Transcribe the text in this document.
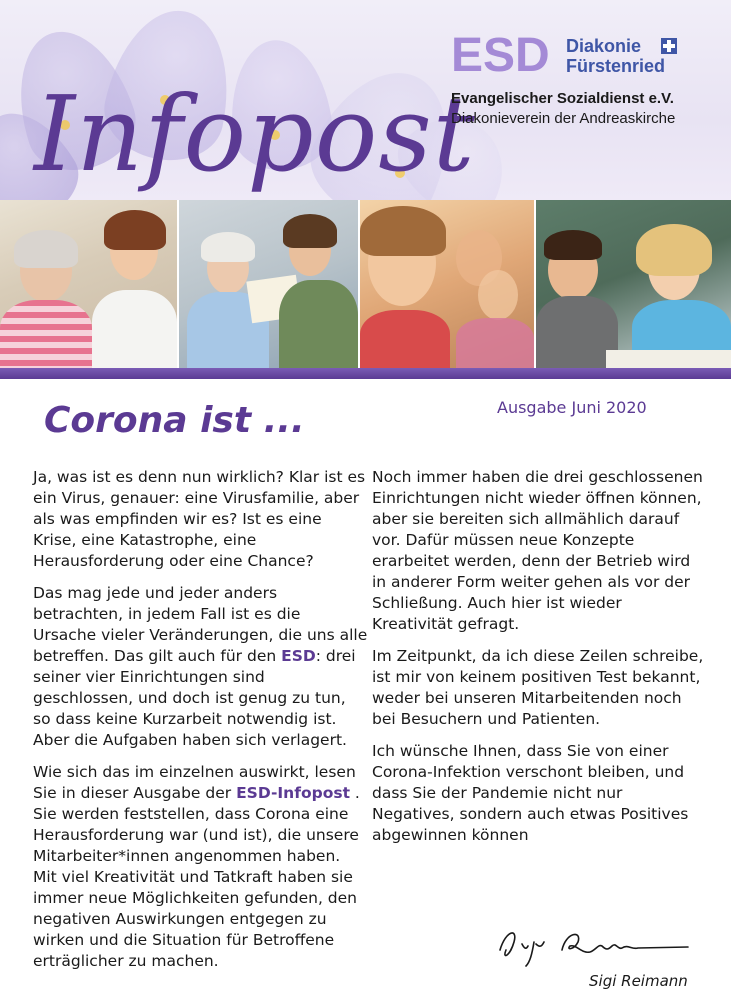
Infopost
ESD Diakonie
Fürstenried
Evangelischer Sozialdienst e.V.
Diakonieverein der Andreaskirche
Corona ist ...	Ausgabe Juni 2020

Ja, was ist es denn nun wirklich? Klar ist es ein Virus, genauer: eine Virusfamilie, aber als was empfinden wir es? Ist es eine Krise, eine Katastrophe, eine Herausforderung oder eine Chance?

Das mag jede und jeder anders betrachten, in jedem Fall ist es die Ursache vieler Veränderungen, die uns alle betreffen. Das gilt auch für den ESD: drei seiner vier Einrichtungen sind geschlossen, und doch ist genug zu tun, so dass keine Kurzarbeit notwendig ist. Aber die Aufgaben haben sich verlagert.

Wie sich das im einzelnen auswirkt, lesen Sie in dieser Ausgabe der ESD-Infopost . Sie werden feststellen, dass Corona eine Herausforderung war (und ist), die unsere Mitarbeiter*innen angenommen haben. Mit viel Kreativität und Tatkraft haben sie immer neue Möglichkeiten gefunden, den negativen Auswirkungen entgegen zu wirken und die Situation für Betroffene erträglicher zu machen.

Noch immer haben die drei geschlossenen Einrichtungen nicht wieder öffnen können, aber sie bereiten sich allmählich darauf vor. Dafür müssen neue Konzepte erarbeitet werden, denn der Betrieb wird in anderer Form weiter gehen als vor der Schließung. Auch hier ist wieder Kreativität gefragt.

Im Zeitpunkt, da ich diese Zeilen schreibe, ist mir von keinem positiven Test bekannt, weder bei unseren Mitarbeitenden noch bei Besuchern und Patienten.

Ich wünsche Ihnen, dass Sie von einer Corona-Infektion verschont bleiben, und dass Sie der Pandemie nicht nur Negatives, sondern auch etwas Positives abgewinnen können

Sigi Reimann
